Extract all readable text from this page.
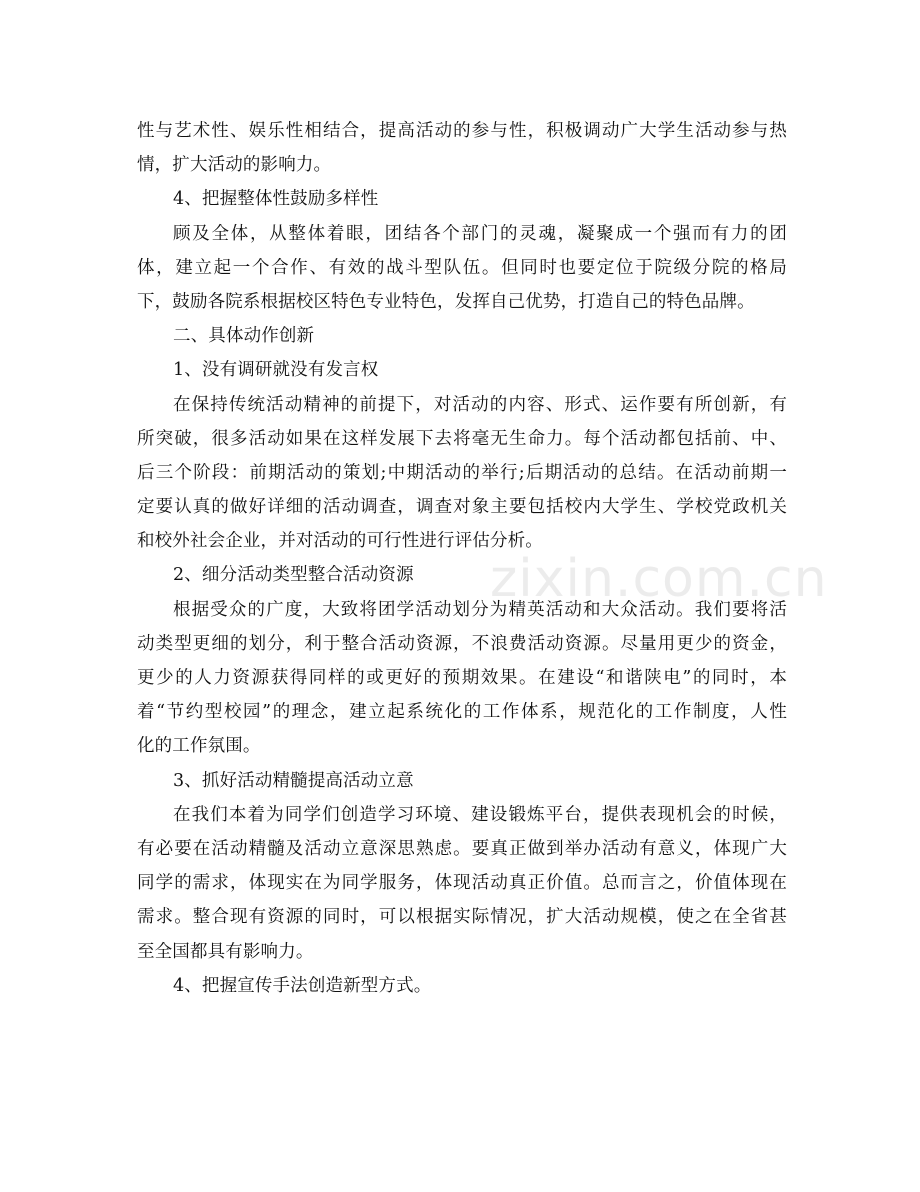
zixin.com.cn
性与艺术性、娱乐性相结合，提高活动的参与性，积极调动广大学生活动参与热
情，扩大活动的影响力。
4、把握整体性鼓励多样性
顾及全体，从整体着眼，团结各个部门的灵魂，凝聚成一个强而有力的团
体，建立起一个合作、有效的战斗型队伍。但同时也要定位于院级分院的格局
下，鼓励各院系根据校区特色专业特色，发挥自己优势，打造自己的特色品牌。
二、具体动作创新
1、没有调研就没有发言权
在保持传统活动精神的前提下，对活动的内容、形式、运作要有所创新，有
所突破，很多活动如果在这样发展下去将毫无生命力。每个活动都包括前、中、
后三个阶段：前期活动的策划;中期活动的举行;后期活动的总结。在活动前期一
定要认真的做好详细的活动调查，调查对象主要包括校内大学生、学校党政机关
和校外社会企业，并对活动的可行性进行评估分析。
2、细分活动类型整合活动资源
根据受众的广度，大致将团学活动划分为精英活动和大众活动。我们要将活
动类型更细的划分，利于整合活动资源，不浪费活动资源。尽量用更少的资金，
更少的人力资源获得同样的或更好的预期效果。在建设“和谐陕电”的同时，本
着“节约型校园”的理念，建立起系统化的工作体系，规范化的工作制度，人性
化的工作氛围。
3、抓好活动精髓提高活动立意
在我们本着为同学们创造学习环境、建设锻炼平台，提供表现机会的时候，
有必要在活动精髓及活动立意深思熟虑。要真正做到举办活动有意义，体现广大
同学的需求，体现实在为同学服务，体现活动真正价值。总而言之，价值体现在
需求。整合现有资源的同时，可以根据实际情况，扩大活动规模，使之在全省甚
至全国都具有影响力。
4、把握宣传手法创造新型方式。
